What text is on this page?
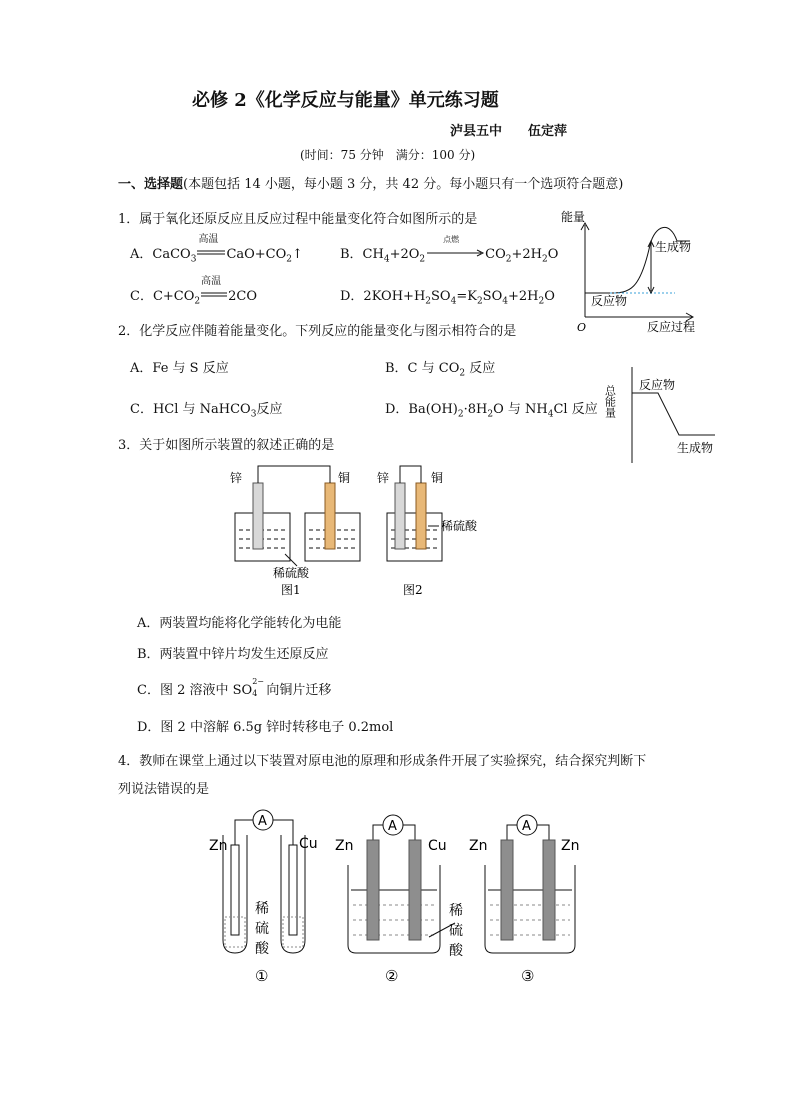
必修 2《化学反应与能量》单元练习题
泸县五中　　伍定萍
(时间：75 分钟　满分：100 分)
一、选择题(本题包括 14 小题，每小题 3 分，共 42 分。每小题只有一个选项符合题意)
1．属于氧化还原反应且反应过程中能量变化符合如图所示的是
A．CaCO$_3$
高温
$CaO+CO_2↑$	B．$CH_4+2O_2$
点燃
$CO_2+2H_2O$
C．$C+CO_2$
高温
2CO	D．$2KOH+H_2SO_4=K_2SO_4+2H_2O$
能量
生成物
反应物
O	反应过程
2．化学反应伴随着能量变化。下列反应的能量变化与图示相符合的是
A．Fe 与 S 反应	B．C 与 $CO_2$ 反应
C．HCl 与 NaHCO$_3$反应	D．$Ba(OH)_2\cdot 8H_2O$ 与 $NH_4Cl$ 反应 总能量 反应物
生成物
3．关于如图所示装置的叙述正确的是
锌	铜
稀硫酸
图1
锌	铜
稀硫酸
图2
A．两装置均能将化学能转化为电能
B．两装置中锌片均发生还原反应
C．图 2 溶液中 SO
2−
4 向铜片迁移
D．图 2 中溶解 6.5g 锌时转移电子 0.2mol
4．教师在课堂上通过以下装置对原电池的原理和形成条件开展了实验探究，结合探究判断下
列说法错误的是
A
Zn	Cu
稀
硫
酸
①
A
Zn	Cu
稀
硫
酸
②
A
Zn	Zn
③
